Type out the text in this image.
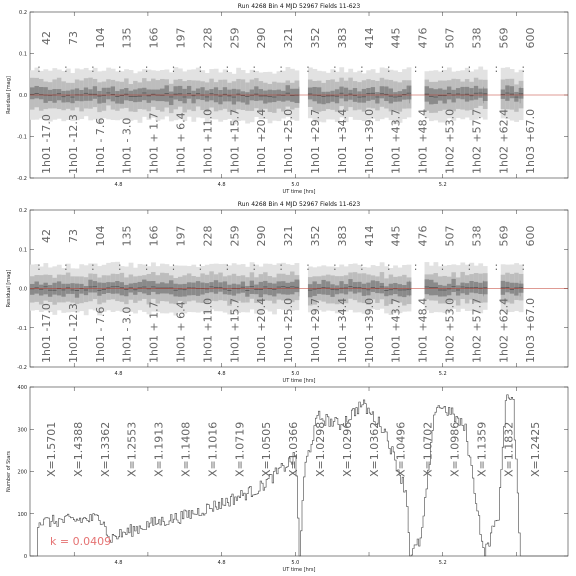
-0.2
-0.1
0.0
0.1
0.2
4.8	4.8	5.0	5.2
UT time [hrs]
Residual [mag]
Run 4268 Bin 4 MJD 52967 Fields 11-623
42
:
73
:
104
:
135
:
166
:
197
:
228
:
259
:
290
:
321
:
352
:
383
:
414
:
445
:
476
:
507
:
538
:
569
:
600
:
1h01 -17.0 1h01 -12.3 1h01 - 7.6 1h01 - 3.0 1h01 + 1.7 1h01 + 6.4 1h01 +11.0 1h01 +15.7 1h01 +20.4 1h01 +25.0 1h01 +29.7 1h01 +34.4 1h01 +39.0 1h01 +43.7 1h01 +48.4 1h02 +53.0 1h02 +57.7 1h02 +62.4 1h03 +67.0
-0.2
-0.1
0.0
0.1
0.2
4.8	4.8	5.0	5.2
UT time [hrs]
Residual [mag]
Run 4268 Bin 4 MJD 52967 Fields 11-623
42
:
73
:
104
:
135
:
166
:
197
:
228
:
259
:
290
:
321
:
352
:
383
:
414
:
445
:
476
:
507
:
538
:
569
:
600
:
1h01 -17.0 1h01 -12.3 1h01 - 7.6 1h01 - 3.0 1h01 + 1.7 1h01 + 6.4 1h01 +11.0 1h01 +15.7 1h01 +20.4 1h01 +25.0 1h01 +29.7 1h01 +34.4 1h01 +39.0 1h01 +43.7 1h01 +48.4 1h02 +53.0 1h02 +57.7 1h02 +62.4 1h03 +67.0
0
100
200
300
400
4.8	4.8	5.0	5.2
UT time [hrs]
Number of Stars	X=1.5701 X=1.4388 X=1.3362 X=1.2553 X=1.1913 X=1.1408 X=1.1016 X=1.0719 X=1.0505 X=1.0366 X=1.0298 X=1.0296 X=1.0362 X=1.0496 X=1.0702 X=1.0986 X=1.1359 X=1.1832 X=1.2425
k = 0.0409
